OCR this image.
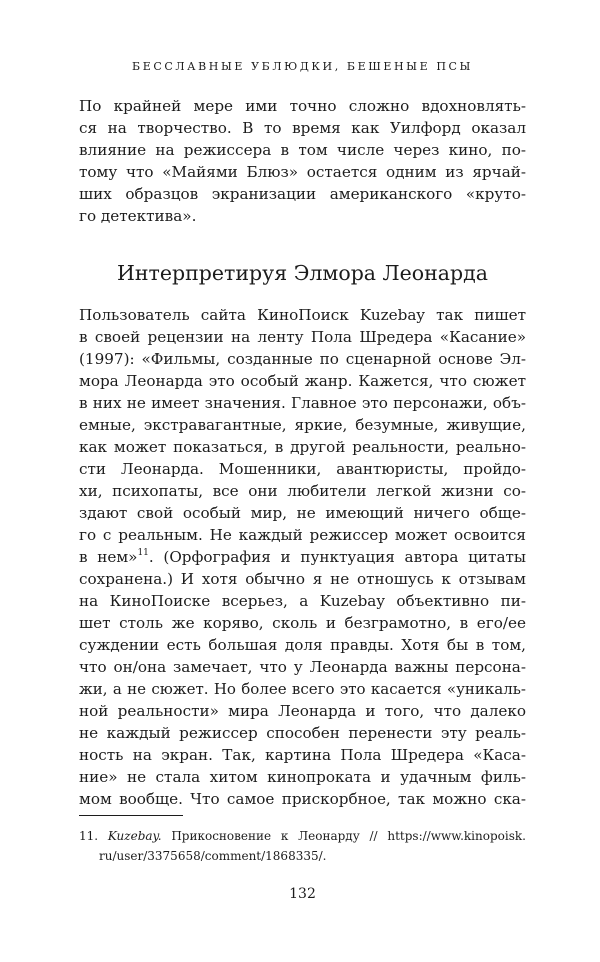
БЕССЛАВНЫЕ УБЛЮДКИ, БЕШЕНЫЕ ПСЫ
По крайней мере ими точно сложно вдохновлять-
ся на творчество. В то время как Уилфорд оказал
влияние на режиссера в том числе через кино, по-
тому что «Майями Блюз» остается одним из ярчай-
ших образцов экранизации американского «круто-
го детектива».
Интерпретируя Элмора Леонарда
Пользователь сайта КиноПоиск Kuzebay так пишет
в своей рецензии на ленту Пола Шредера «Касание»
(1997): «Фильмы, созданные по сценарной основе Эл-
мора Леонарда это особый жанр. Кажется, что сюжет
в них не имеет значения. Главное это персонажи, объ-
емные, экстравагантные, яркие, безумные, живущие,
как может показаться, в другой реальности, реально-
сти Леонарда. Мошенники, авантюристы, пройдо-
хи, психопаты, все они любители легкой жизни со-
здают свой особый мир, не имеющий ничего обще-
го с реальным. Не каждый режиссер может освоится
в нем»$^{11}$. (Орфография и пунктуация автора цитаты
сохранена.) И хотя обычно я не отношусь к отзывам
на КиноПоиске всерьез, а Kuzebay объективно пи-
шет столь же коряво, сколь и безграмотно, в его/ее
суждении есть большая доля правды. Хотя бы в том,
что он/она замечает, что у Леонарда важны персона-
жи, а не сюжет. Но более всего это касается «уникаль-
ной реальности» мира Леонарда и того, что далеко
не каждый режиссер способен перенести эту реаль-
ность на экран. Так, картина Пола Шредера «Каса-
ние» не стала хитом кинопроката и удачным филь-
мом вообще. Что самое прискорбное, так можно ска-
11. Kuzebay. Прикосновение к Леонарду // https://www.kinopoisk.
ru/user/3375658/comment/1868335/.
132
